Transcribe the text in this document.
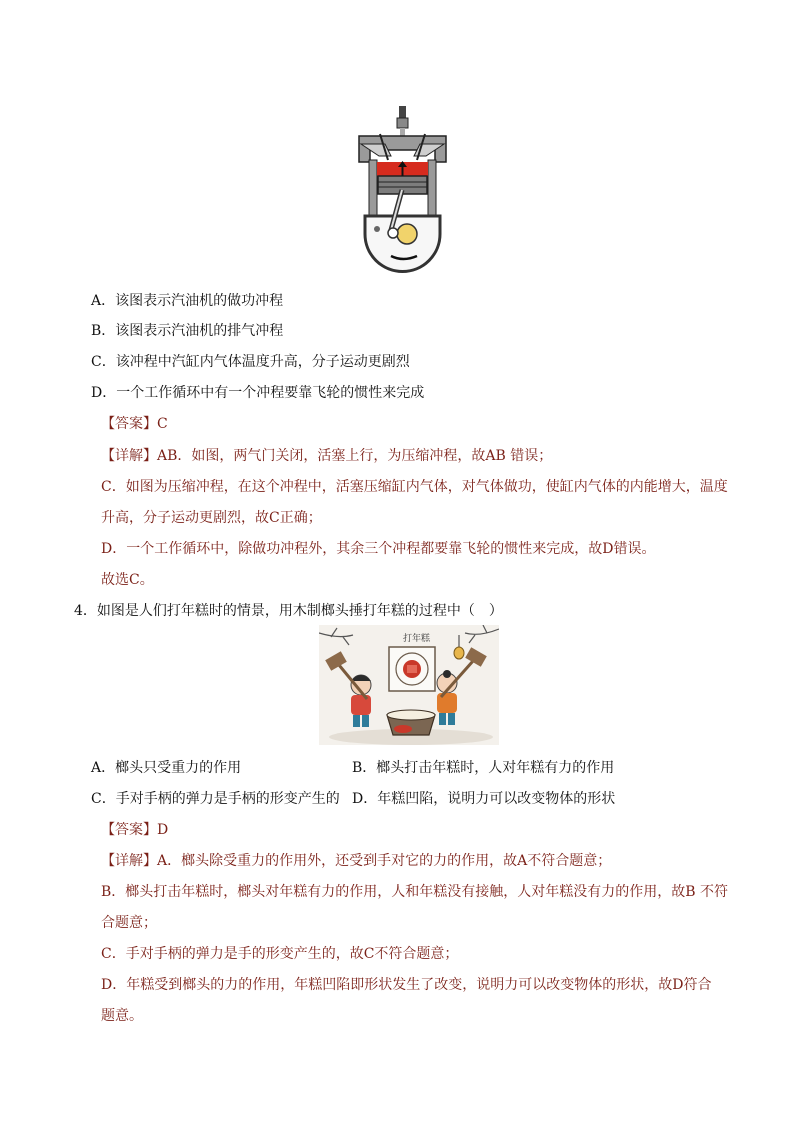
A．该图表示汽油机的做功冲程
B．该图表示汽油机的排气冲程
C．该冲程中汽缸内气体温度升高，分子运动更剧烈
D．一个工作循环中有一个冲程要靠飞轮的惯性来完成
【答案】C
【详解】AB．如图，两气门关闭，活塞上行，为压缩冲程，故AB 错误；
C．如图为压缩冲程，在这个冲程中，活塞压缩缸内气体，对气体做功，使缸内气体的内能增大，温度
升高，分子运动更剧烈，故C正确；
D．一个工作循环中，除做功冲程外，其余三个冲程都要靠飞轮的惯性来完成，故D错误。
故选C。
4．如图是人们打年糕时的情景，用木制榔头捶打年糕的过程中（　）
打年糕
A．榔头只受重力的作用	B．榔头打击年糕时，人对年糕有力的作用
C．手对手柄的弹力是手柄的形变产生的 D．年糕凹陷，说明力可以改变物体的形状
【答案】D
【详解】A．榔头除受重力的作用外，还受到手对它的力的作用，故A不符合题意；
B．榔头打击年糕时，榔头对年糕有力的作用，人和年糕没有接触，人对年糕没有力的作用，故B 不符
合题意；
C．手对手柄的弹力是手的形变产生的，故C不符合题意；
D．年糕受到榔头的力的作用，年糕凹陷即形状发生了改变，说明力可以改变物体的形状，故D符合
题意。
